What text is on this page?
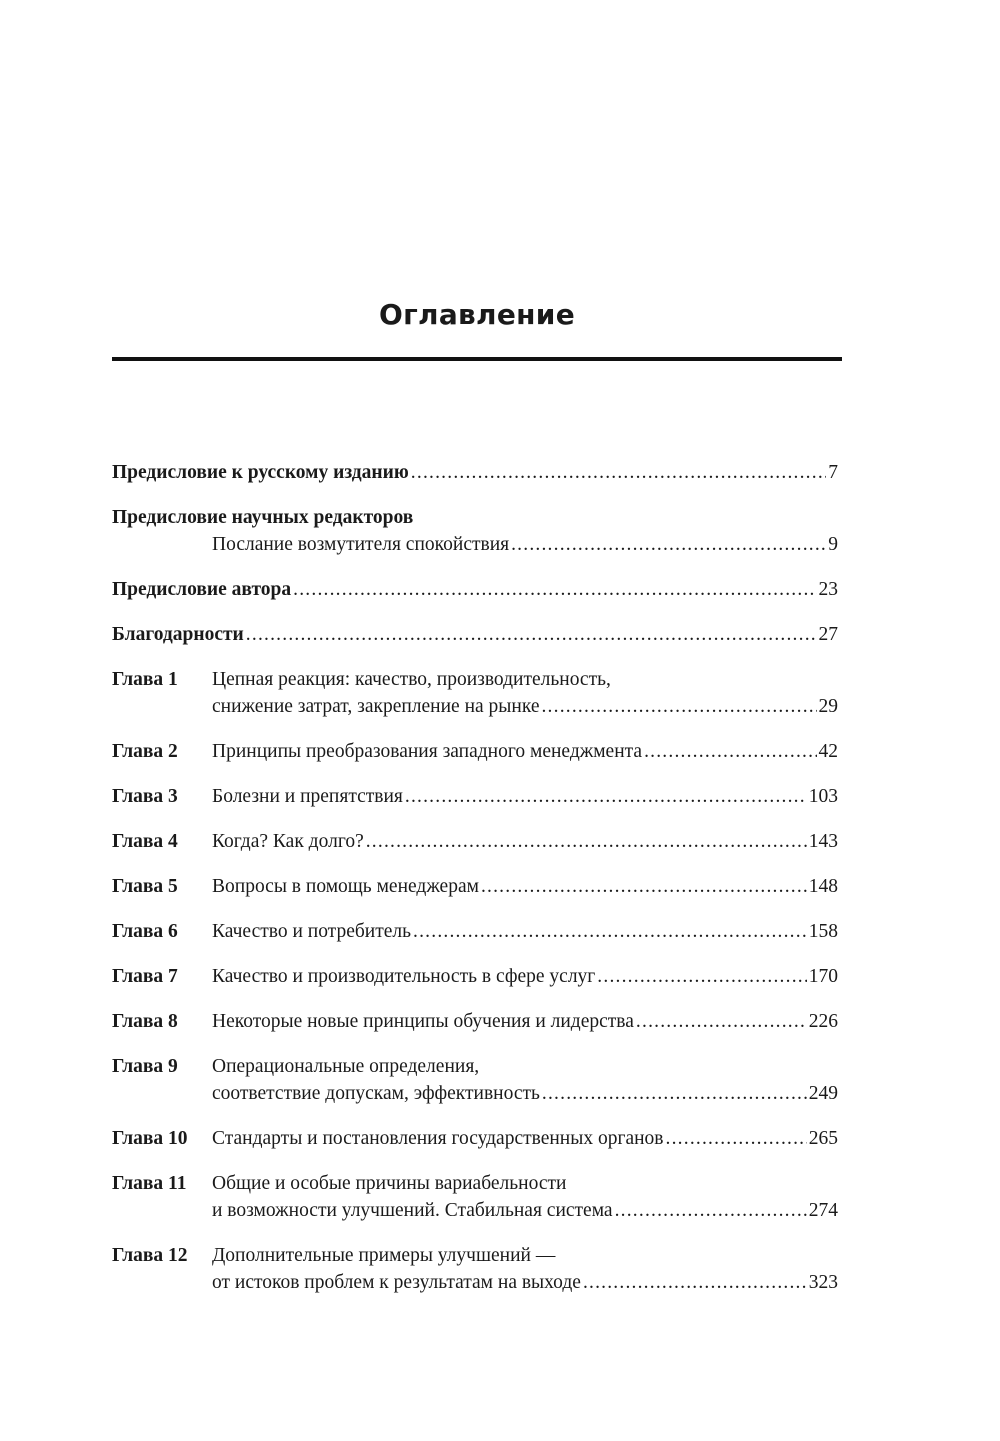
Оглавление
Предисловие к русскому изданию .....	7
Предисловие научных редакторов
Послание возмутителя спокойствия .....	9
Предисловие автора .....	23
Благодарности .....	27
Глава 1	Цепная реакция: качество, производительность,
снижение затрат, закрепление на рынке .....	29
Глава 2	Принципы преобразования западного менеджмента .....	42
Глава 3	Болезни и препятствия .....	103
Глава 4	Когда? Как долго? .....	143
Глава 5	Вопросы в помощь менеджерам .....	148
Глава 6	Качество и потребитель .....	158
Глава 7	Качество и производительность в сфере услуг .....	170
Глава 8	Некоторые новые принципы обучения и лидерства .....	226
Глава 9	Операциональные определения,
соответствие допускам, эффективность .....	249
Глава 10	Стандарты и постановления государственных органов .....	265
Глава 11	Общие и особые причины вариабельности
и возможности улучшений. Стабильная система .....	274
Глава 12	Дополнительные примеры улучшений —
от истоков проблем к результатам на выходе .....	323
